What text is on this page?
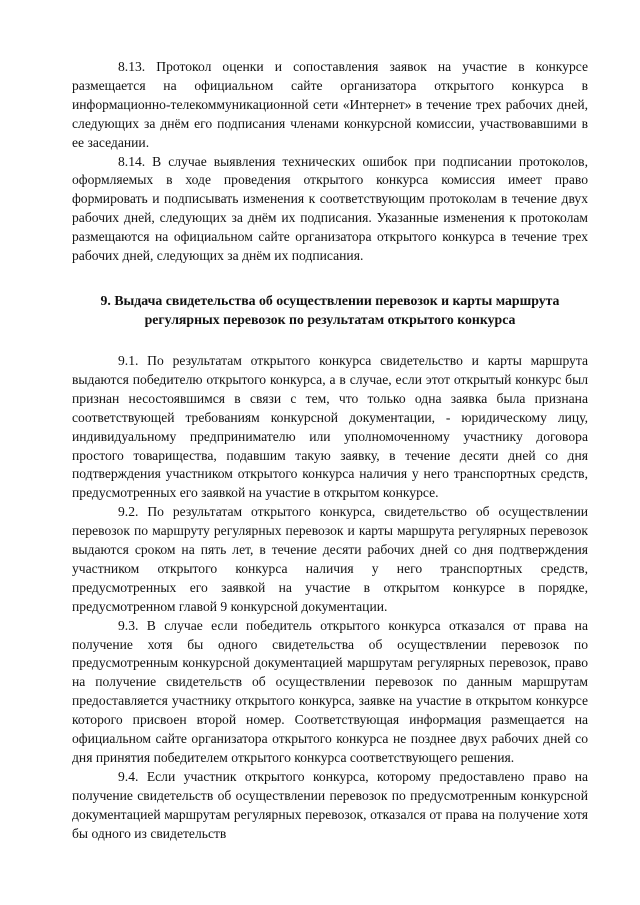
8.13. Протокол оценки и сопоставления заявок на участие в конкурсе размещается на официальном сайте организатора открытого конкурса в информационно-телекоммуникационной сети «Интернет» в течение трех рабочих дней, следующих за днём его подписания членами конкурсной комиссии, участвовавшими в ее заседании.

8.14. В случае выявления технических ошибок при подписании протоколов, оформляемых в ходе проведения открытого конкурса комиссия имеет право формировать и подписывать изменения к соответствующим протоколам в течение двух рабочих дней, следующих за днём их подписания. Указанные изменения к протоколам размещаются на официальном сайте организатора открытого конкурса в течение трех рабочих дней, следующих за днём их подписания.

9. Выдача свидетельства об осуществлении перевозок и карты маршрута регулярных перевозок по результатам открытого конкурса

9.1. По результатам открытого конкурса свидетельство и карты маршрута выдаются победителю открытого конкурса, а в случае, если этот открытый конкурс был признан несостоявшимся в связи с тем, что только одна заявка была признана соответствующей требованиям конкурсной документации, - юридическому лицу, индивидуальному предпринимателю или уполномоченному участнику договора простого товарищества, подавшим такую заявку, в течение десяти дней со дня подтверждения участником открытого конкурса наличия у него транспортных средств, предусмотренных его заявкой на участие в открытом конкурсе.

9.2. По результатам открытого конкурса, свидетельство об осуществлении перевозок по маршруту регулярных перевозок и карты маршрута регулярных перевозок выдаются сроком на пять лет, в течение десяти рабочих дней со дня подтверждения участником открытого конкурса наличия у него транспортных средств, предусмотренных его заявкой на участие в открытом конкурсе в порядке, предусмотренном главой 9 конкурсной документации.

9.3. В случае если победитель открытого конкурса отказался от права на получение хотя бы одного свидетельства об осуществлении перевозок по предусмотренным конкурсной документацией маршрутам регулярных перевозок, право на получение свидетельств об осуществлении перевозок по данным маршрутам предоставляется участнику открытого конкурса, заявке на участие в открытом конкурсе которого присвоен второй номер. Соответствующая информация размещается на официальном сайте организатора открытого конкурса не позднее двух рабочих дней со дня принятия победителем открытого конкурса соответствующего решения.

9.4. Если участник открытого конкурса, которому предоставлено право на получение свидетельств об осуществлении перевозок по предусмотренным конкурсной документацией маршрутам регулярных перевозок, отказался от права на получение хотя бы одного из свидетельств
